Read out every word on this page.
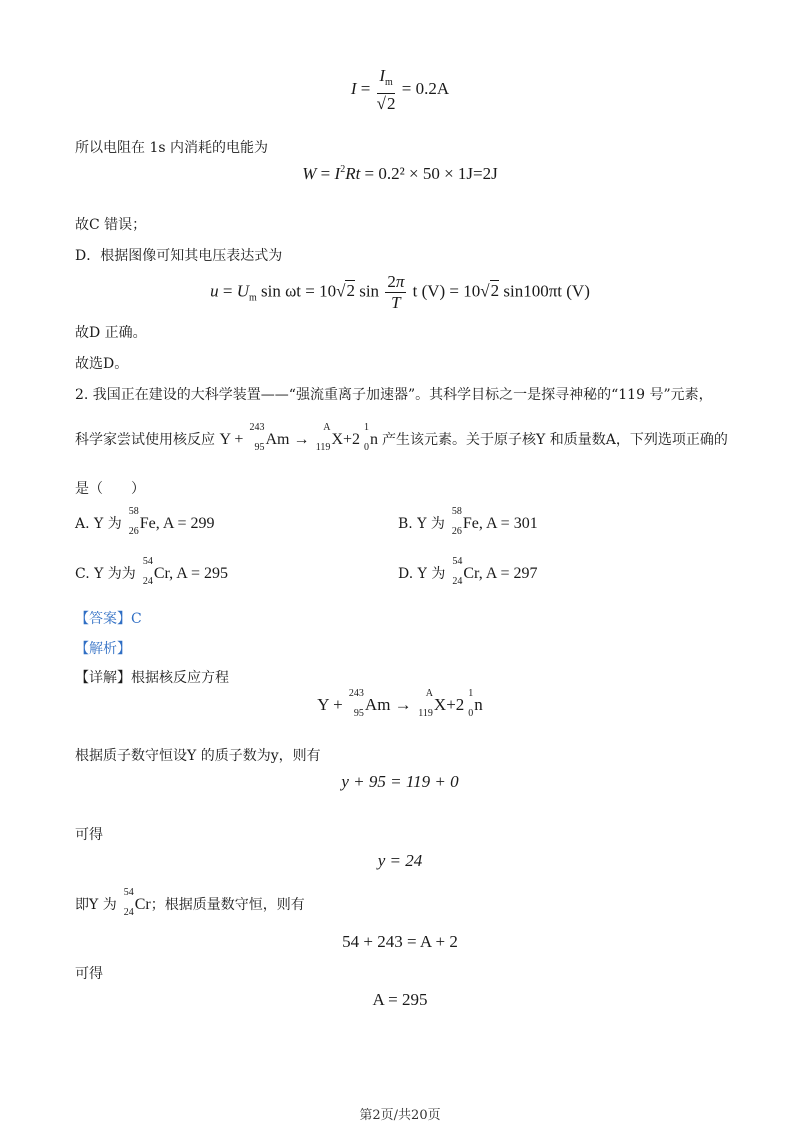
$I = \frac{I_m}{√2} = 0.2A$
所以电阻在 1s 内消耗的电能为
$W = I^2Rt = 0.2^2 \times 50 \times 1J=2J$
故C 错误；
D．根据图像可知其电压表达式为
$u = U_m$ sin ωt = 10√2 $\sin \frac{2\pi}{T}$ t (V) = 10√2 sin100πt (V)
故D 正确。
故选D。
2. 我国正在建设的大科学装置——“强流重离子加速器”。其科学目标之一是探寻神秘的“119 号”元素，
科学家尝试使用核反应 Y +
243
95 Am →
A
119 X+2
1
0 n 产生该元素。关于原子核Y 和质量数A，下列选项正确的
是（　　）
A. Y 为
58
26 Fe, A = 299	B. Y 为
58
26 Fe, A = 301
C. Y 为为
54
24 Cr, A = 295	D. Y 为
54
24 Cr, A = 297
【答案】C
【解析】
【详解】根据核反应方程
Y +
243
95 Am →
A
119 X+2
1
0 n
根据质子数守恒设Y 的质子数为y，则有
y + 95 = 119 + 0
可得
y = 24
即Y 为
54
24 Cr；根据质量数守恒，则有
54 + 243 = A + 2
可得
A = 295
第2页/共20页
